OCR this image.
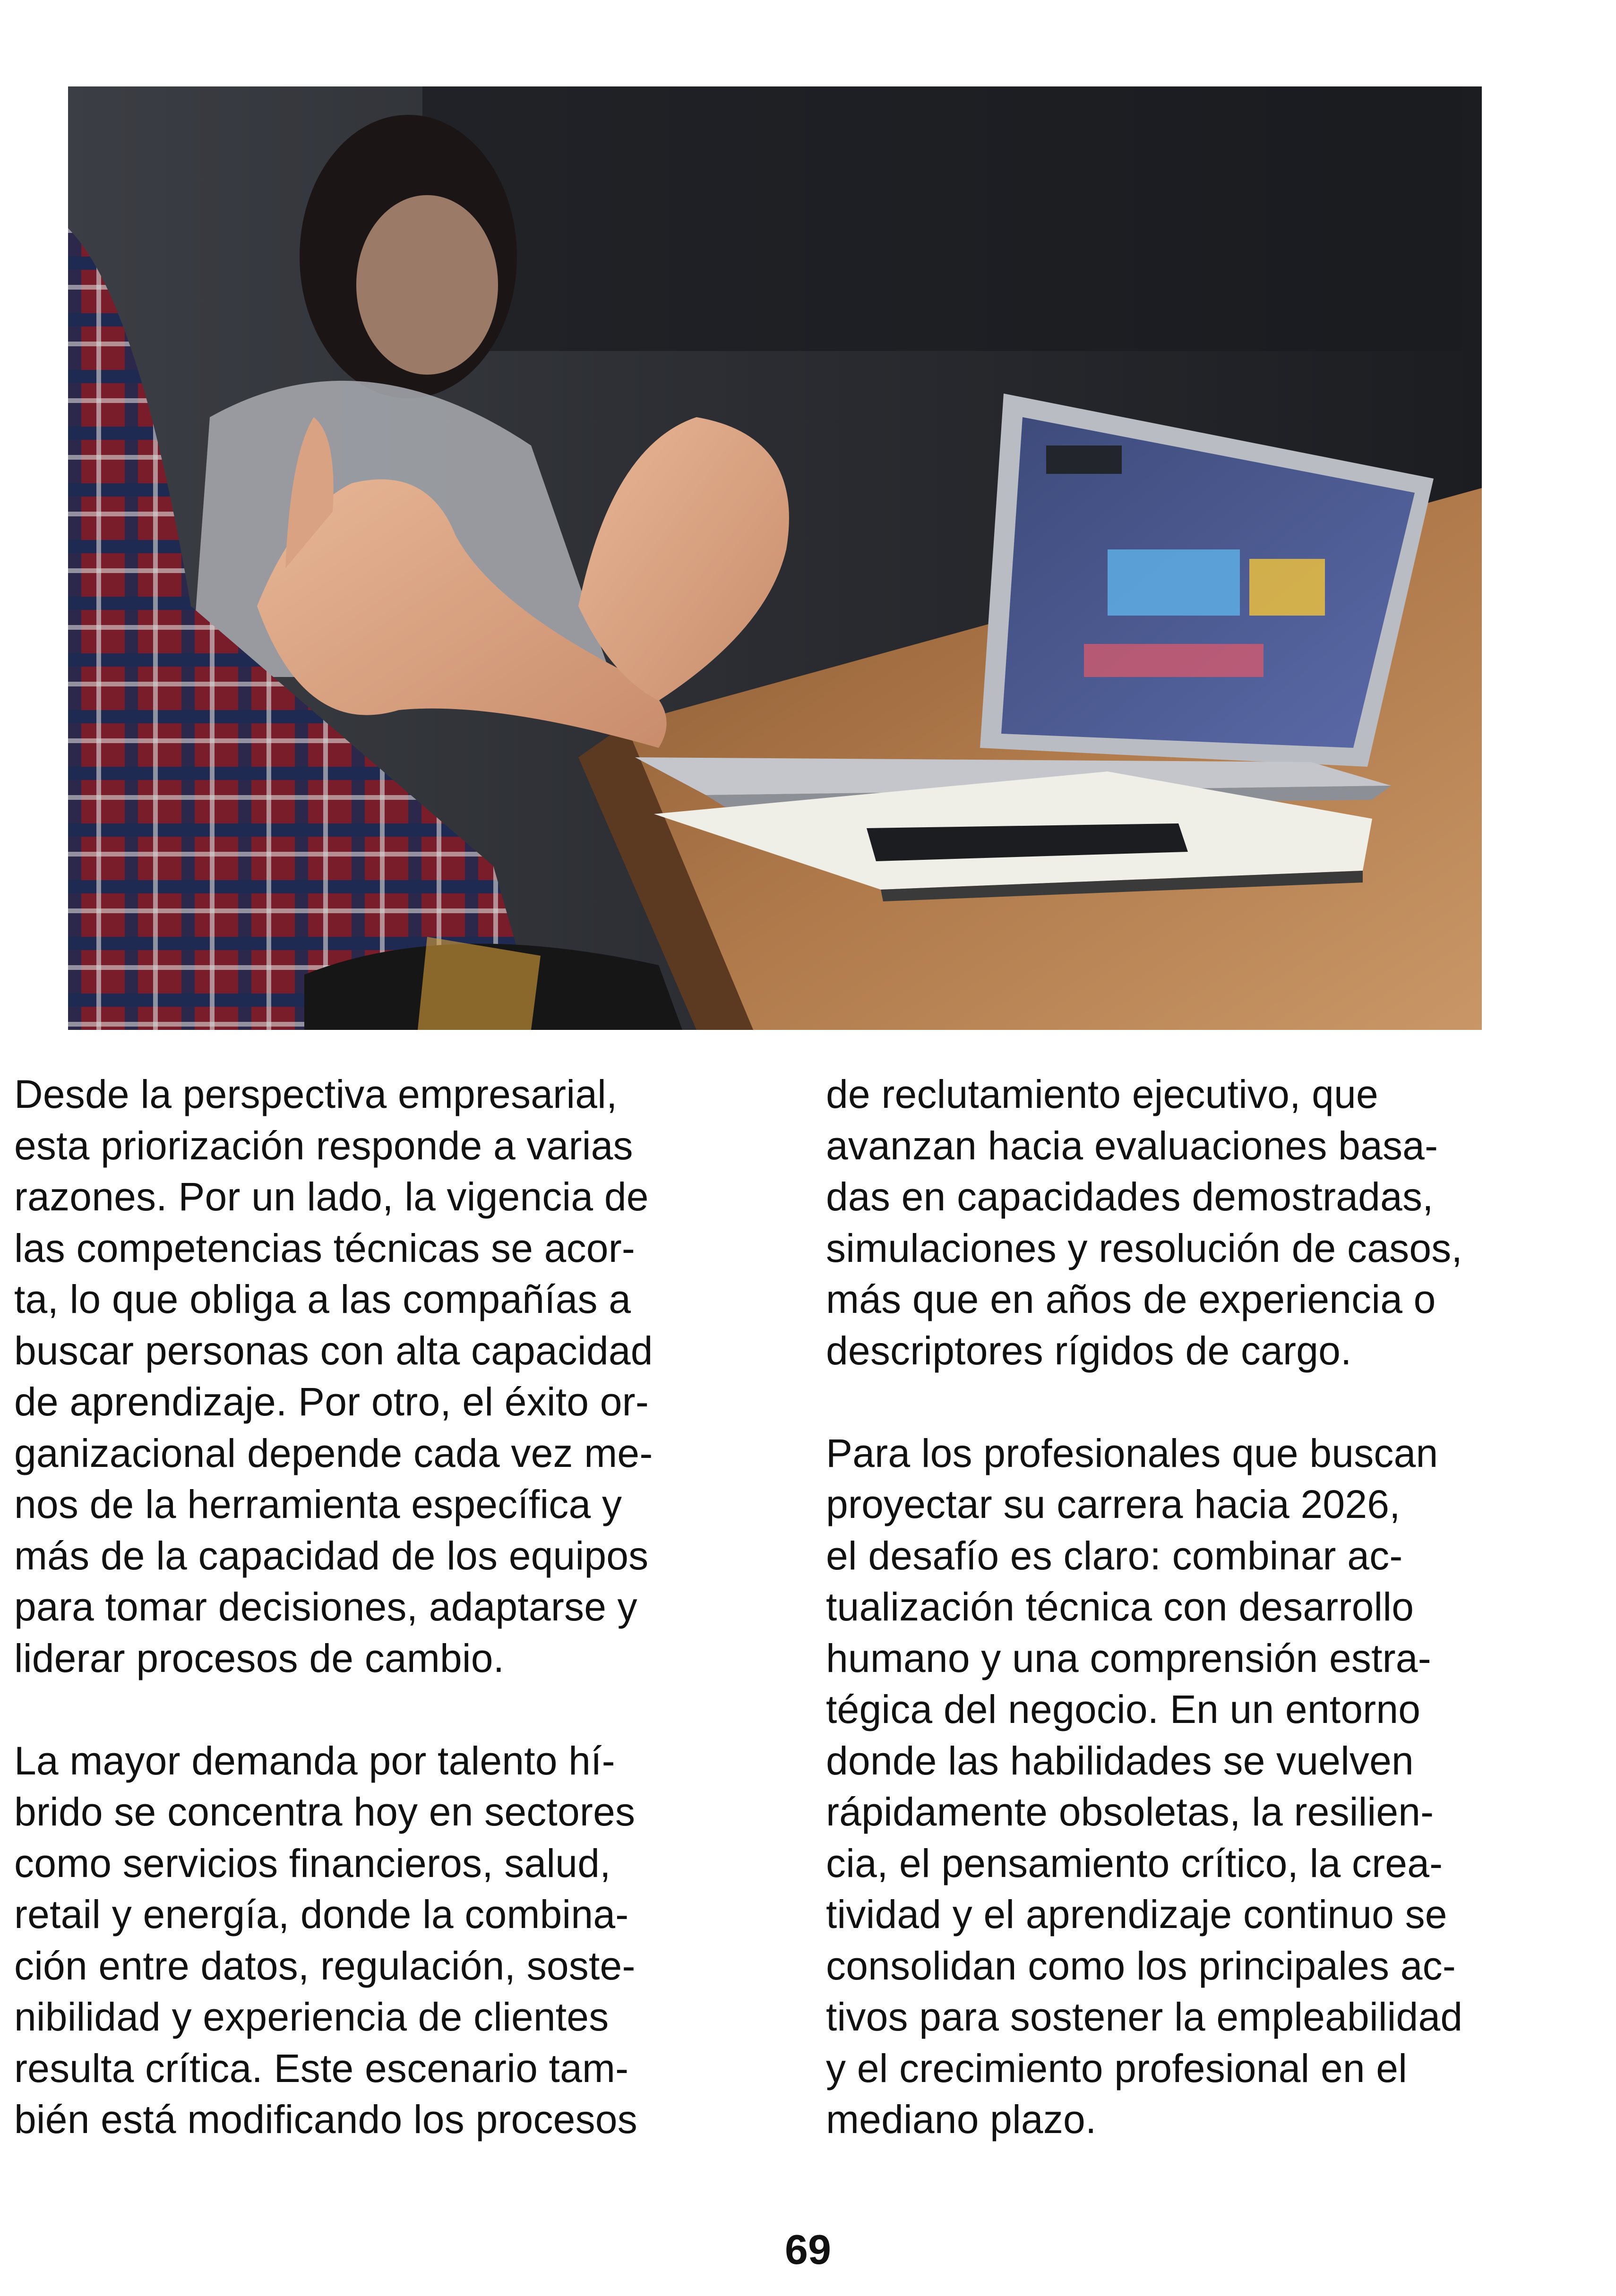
Desde la perspectiva empresarial,
esta priorización responde a varias
razones. Por un lado, la vigencia de
las competencias técnicas se acor-
ta, lo que obliga a las compañías a
buscar personas con alta capacidad
de aprendizaje. Por otro, el éxito or-
ganizacional depende cada vez me-
nos de la herramienta específica y
más de la capacidad de los equipos
para tomar decisiones, adaptarse y
liderar procesos de cambio.

La mayor demanda por talento hí-
brido se concentra hoy en sectores
como servicios financieros, salud,
retail y energía, donde la combina-
ción entre datos, regulación, soste-
nibilidad y experiencia de clientes
resulta crítica. Este escenario tam-
bién está modificando los procesos

de reclutamiento ejecutivo, que
avanzan hacia evaluaciones basa-
das en capacidades demostradas,
simulaciones y resolución de casos,
más que en años de experiencia o
descriptores rígidos de cargo.

Para los profesionales que buscan
proyectar su carrera hacia 2026,
el desafío es claro: combinar ac-
tualización técnica con desarrollo
humano y una comprensión estra-
tégica del negocio. En un entorno
donde las habilidades se vuelven
rápidamente obsoletas, la resilien-
cia, el pensamiento crítico, la crea-
tividad y el aprendizaje continuo se
consolidan como los principales ac-
tivos para sostener la empleabilidad
y el crecimiento profesional en el
mediano plazo.

69
